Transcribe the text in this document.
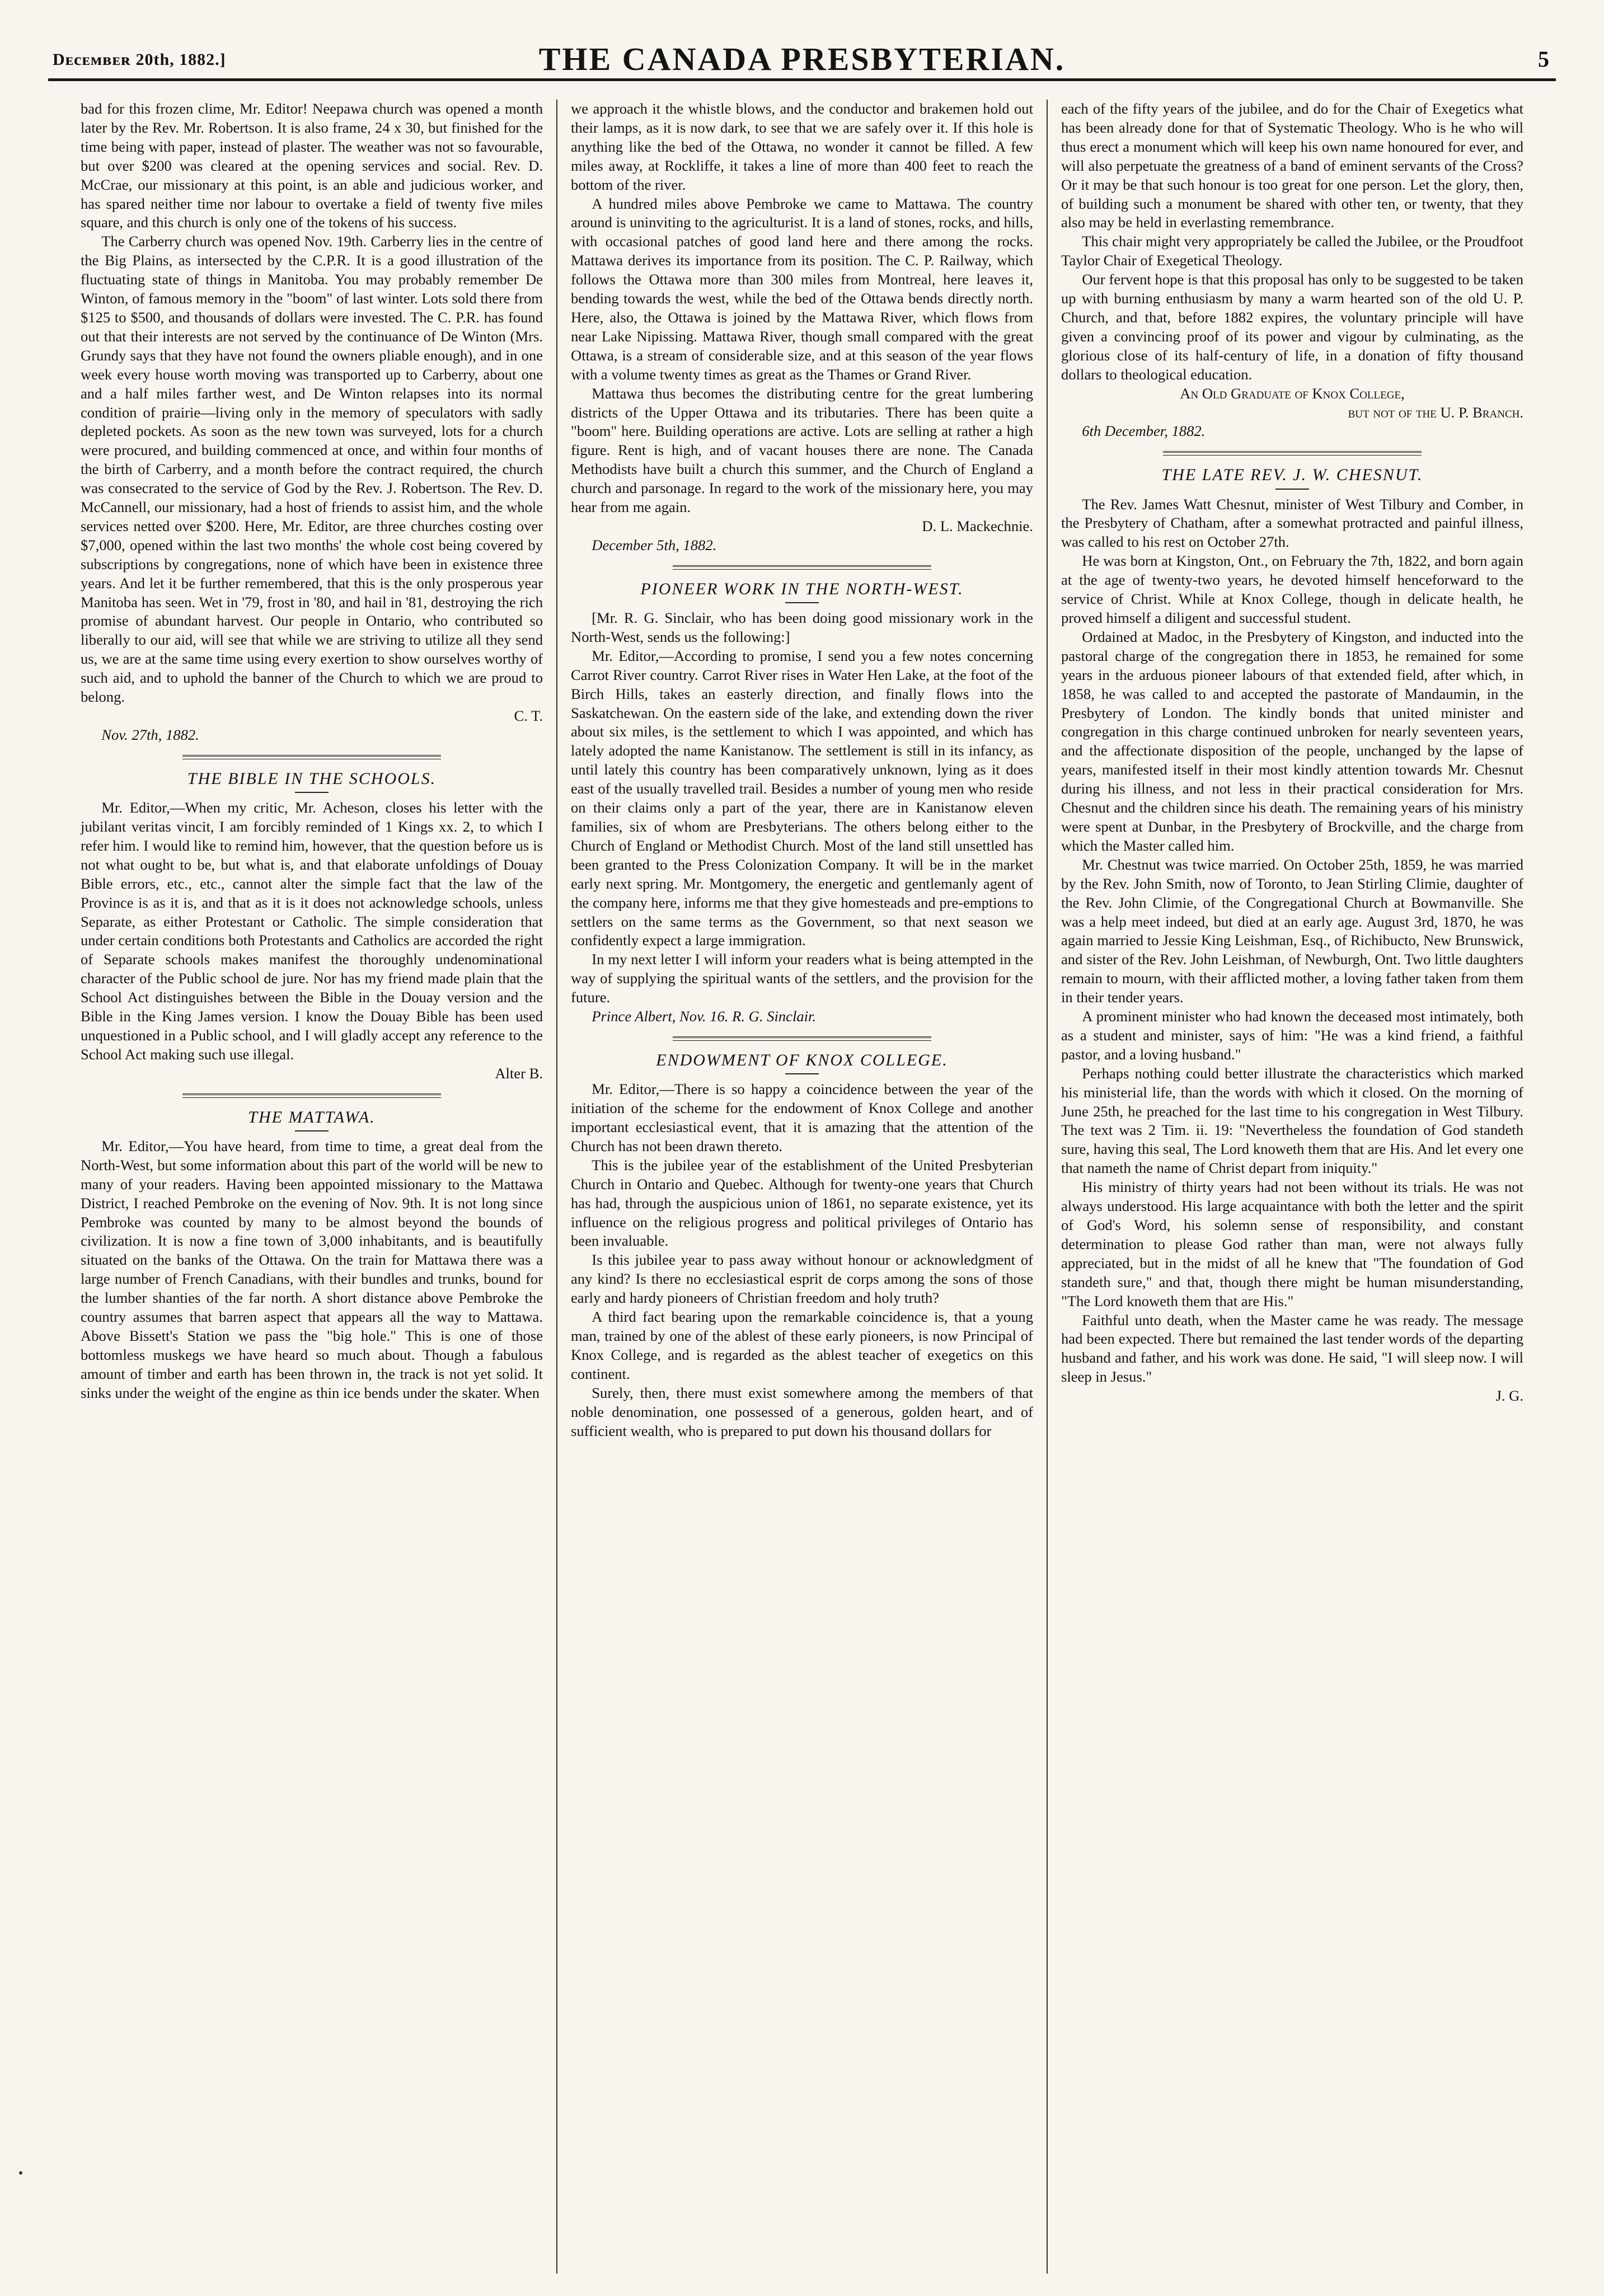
Dᴇcᴇᴍʙᴇʀ 20th, 1882.]	THE CANADA PRESBYTERIAN.	5

bad for this frozen clime, Mr. Editor! Neepawa church was opened a month later by the Rev. Mr. Robertson. It is also frame, 24 x 30, but finished for the time being with paper, instead of plaster. The weather was not so favourable, but over $200 was cleared at the opening services and social. Rev. D. McCrae, our missionary at this point, is an able and judicious worker, and has spared neither time nor labour to overtake a field of twenty five miles square, and this church is only one of the tokens of his success.

The Carberry church was opened Nov. 19th. Carberry lies in the centre of the Big Plains, as intersected by the C.P.R. It is a good illustration of the fluctuating state of things in Manitoba. You may probably remember De Winton, of famous memory in the "boom" of last winter. Lots sold there from $125 to $500, and thousands of dollars were invested. The C. P.R. has found out that their interests are not served by the continuance of De Winton (Mrs. Grundy says that they have not found the owners pliable enough), and in one week every house worth moving was transported up to Carberry, about one and a half miles farther west, and De Winton relapses into its normal condition of prairie—living only in the memory of speculators with sadly depleted pockets. As soon as the new town was surveyed, lots for a church were procured, and building commenced at once, and within four months of the birth of Carberry, and a month before the contract required, the church was consecrated to the service of God by the Rev. J. Robertson. The Rev. D. McCannell, our missionary, had a host of friends to assist him, and the whole services netted over $200. Here, Mr. Editor, are three churches costing over $7,000, opened within the last two months' the whole cost being covered by subscriptions by congregations, none of which have been in existence three years. And let it be further remembered, that this is the only prosperous year Manitoba has seen. Wet in '79, frost in '80, and hail in '81, destroying the rich promise of abundant harvest. Our people in Ontario, who contributed so liberally to our aid, will see that while we are striving to utilize all they send us, we are at the same time using every exertion to show ourselves worthy of such aid, and to uphold the banner of the Church to which we are proud to belong.

C. T.

Nov. 27th, 1882.

THE BIBLE IN THE SCHOOLS.

Mr. Editor,—When my critic, Mr. Acheson, closes his letter with the jubilant veritas vincit, I am forcibly reminded of 1 Kings xx. 2, to which I refer him. I would like to remind him, however, that the question before us is not what ought to be, but what is, and that elaborate unfoldings of Douay Bible errors, etc., etc., cannot alter the simple fact that the law of the Province is as it is, and that as it is it does not acknowledge schools, unless Separate, as either Protestant or Catholic. The simple consideration that under certain conditions both Protestants and Catholics are accorded the right of Separate schools makes manifest the thoroughly undenominational character of the Public school de jure. Nor has my friend made plain that the School Act distinguishes between the Bible in the Douay version and the Bible in the King James version. I know the Douay Bible has been used unquestioned in a Public school, and I will gladly accept any reference to the School Act making such use illegal.

Alter B.

THE MATTAWA.

Mr. Editor,—You have heard, from time to time, a great deal from the North-West, but some information about this part of the world will be new to many of your readers. Having been appointed missionary to the Mattawa District, I reached Pembroke on the evening of Nov. 9th. It is not long since Pembroke was counted by many to be almost beyond the bounds of civilization. It is now a fine town of 3,000 inhabitants, and is beautifully situated on the banks of the Ottawa. On the train for Mattawa there was a large number of French Canadians, with their bundles and trunks, bound for the lumber shanties of the far north. A short distance above Pembroke the country assumes that barren aspect that appears all the way to Mattawa. Above Bissett's Station we pass the "big hole." This is one of those bottomless muskegs we have heard so much about. Though a fabulous amount of timber and earth has been thrown in, the track is not yet solid. It sinks under the weight of the engine as thin ice bends under the skater. When

we approach it the whistle blows, and the conductor and brakemen hold out their lamps, as it is now dark, to see that we are safely over it. If this hole is anything like the bed of the Ottawa, no wonder it cannot be filled. A few miles away, at Rockliffe, it takes a line of more than 400 feet to reach the bottom of the river.

A hundred miles above Pembroke we came to Mattawa. The country around is uninviting to the agriculturist. It is a land of stones, rocks, and hills, with occasional patches of good land here and there among the rocks. Mattawa derives its importance from its position. The C. P. Railway, which follows the Ottawa more than 300 miles from Montreal, here leaves it, bending towards the west, while the bed of the Ottawa bends directly north. Here, also, the Ottawa is joined by the Mattawa River, which flows from near Lake Nipissing. Mattawa River, though small compared with the great Ottawa, is a stream of considerable size, and at this season of the year flows with a volume twenty times as great as the Thames or Grand River.

Mattawa thus becomes the distributing centre for the great lumbering districts of the Upper Ottawa and its tributaries. There has been quite a "boom" here. Building operations are active. Lots are selling at rather a high figure. Rent is high, and of vacant houses there are none. The Canada Methodists have built a church this summer, and the Church of England a church and parsonage. In regard to the work of the missionary here, you may hear from me again.

D. L. Mackechnie.

December 5th, 1882.

PIONEER WORK IN THE NORTH-WEST.

[Mr. R. G. Sinclair, who has been doing good missionary work in the North-West, sends us the following:]

Mr. Editor,—According to promise, I send you a few notes concerning Carrot River country. Carrot River rises in Water Hen Lake, at the foot of the Birch Hills, takes an easterly direction, and finally flows into the Saskatchewan. On the eastern side of the lake, and extending down the river about six miles, is the settlement to which I was appointed, and which has lately adopted the name Kanistanow. The settlement is still in its infancy, as until lately this country has been comparatively unknown, lying as it does east of the usually travelled trail. Besides a number of young men who reside on their claims only a part of the year, there are in Kanistanow eleven families, six of whom are Presbyterians. The others belong either to the Church of England or Methodist Church. Most of the land still unsettled has been granted to the Press Colonization Company. It will be in the market early next spring. Mr. Montgomery, the energetic and gentlemanly agent of the company here, informs me that they give homesteads and pre-emptions to settlers on the same terms as the Government, so that next season we confidently expect a large immigration.

In my next letter I will inform your readers what is being attempted in the way of supplying the spiritual wants of the settlers, and the provision for the future.

Prince Albert, Nov. 16. R. G. Sinclair.

ENDOWMENT OF KNOX COLLEGE.

Mr. Editor,—There is so happy a coincidence between the year of the initiation of the scheme for the endowment of Knox College and another important ecclesiastical event, that it is amazing that the attention of the Church has not been drawn thereto.

This is the jubilee year of the establishment of the United Presbyterian Church in Ontario and Quebec. Although for twenty-one years that Church has had, through the auspicious union of 1861, no separate existence, yet its influence on the religious progress and political privileges of Ontario has been invaluable.

Is this jubilee year to pass away without honour or acknowledgment of any kind? Is there no ecclesiastical esprit de corps among the sons of those early and hardy pioneers of Christian freedom and holy truth?

A third fact bearing upon the remarkable coincidence is, that a young man, trained by one of the ablest of these early pioneers, is now Principal of Knox College, and is regarded as the ablest teacher of exegetics on this continent.

Surely, then, there must exist somewhere among the members of that noble denomination, one possessed of a generous, golden heart, and of sufficient wealth, who is prepared to put down his thousand dollars for

each of the fifty years of the jubilee, and do for the Chair of Exegetics what has been already done for that of Systematic Theology. Who is he who will thus erect a monument which will keep his own name honoured for ever, and will also perpetuate the greatness of a band of eminent servants of the Cross? Or it may be that such honour is too great for one person. Let the glory, then, of building such a monument be shared with other ten, or twenty, that they also may be held in everlasting remembrance.

This chair might very appropriately be called the Jubilee, or the Proudfoot Taylor Chair of Exegetical Theology.

Our fervent hope is that this proposal has only to be suggested to be taken up with burning enthusiasm by many a warm hearted son of the old U. P. Church, and that, before 1882 expires, the voluntary principle will have given a convincing proof of its power and vigour by culminating, as the glorious close of its half-century of life, in a donation of fifty thousand dollars to theological education.

An Old Graduate of Knox College,

but not of the U. P. Branch.

6th December, 1882.

THE LATE REV. J. W. CHESNUT.

The Rev. James Watt Chesnut, minister of West Tilbury and Comber, in the Presbytery of Chatham, after a somewhat protracted and painful illness, was called to his rest on October 27th.

He was born at Kingston, Ont., on February the 7th, 1822, and born again at the age of twenty-two years, he devoted himself henceforward to the service of Christ. While at Knox College, though in delicate health, he proved himself a diligent and successful student.

Ordained at Madoc, in the Presbytery of Kingston, and inducted into the pastoral charge of the congregation there in 1853, he remained for some years in the arduous pioneer labours of that extended field, after which, in 1858, he was called to and accepted the pastorate of Mandaumin, in the Presbytery of London. The kindly bonds that united minister and congregation in this charge continued unbroken for nearly seventeen years, and the affectionate disposition of the people, unchanged by the lapse of years, manifested itself in their most kindly attention towards Mr. Chesnut during his illness, and not less in their practical consideration for Mrs. Chesnut and the children since his death. The remaining years of his ministry were spent at Dunbar, in the Presbytery of Brockville, and the charge from which the Master called him.

Mr. Chestnut was twice married. On October 25th, 1859, he was married by the Rev. John Smith, now of Toronto, to Jean Stirling Climie, daughter of the Rev. John Climie, of the Congregational Church at Bowmanville. She was a help meet indeed, but died at an early age. August 3rd, 1870, he was again married to Jessie King Leishman, Esq., of Richibucto, New Brunswick, and sister of the Rev. John Leishman, of Newburgh, Ont. Two little daughters remain to mourn, with their afflicted mother, a loving father taken from them in their tender years.

A prominent minister who had known the deceased most intimately, both as a student and minister, says of him: "He was a kind friend, a faithful pastor, and a loving husband."

Perhaps nothing could better illustrate the characteristics which marked his ministerial life, than the words with which it closed. On the morning of June 25th, he preached for the last time to his congregation in West Tilbury. The text was 2 Tim. ii. 19: "Nevertheless the foundation of God standeth sure, having this seal, The Lord knoweth them that are His. And let every one that nameth the name of Christ depart from iniquity."

His ministry of thirty years had not been without its trials. He was not always understood. His large acquaintance with both the letter and the spirit of God's Word, his solemn sense of responsibility, and constant determination to please God rather than man, were not always fully appreciated, but in the midst of all he knew that "The foundation of God standeth sure," and that, though there might be human misunderstanding, "The Lord knoweth them that are His."

Faithful unto death, when the Master came he was ready. The message had been expected. There but remained the last tender words of the departing husband and father, and his work was done. He said, "I will sleep now. I will sleep in Jesus."

J. G.
